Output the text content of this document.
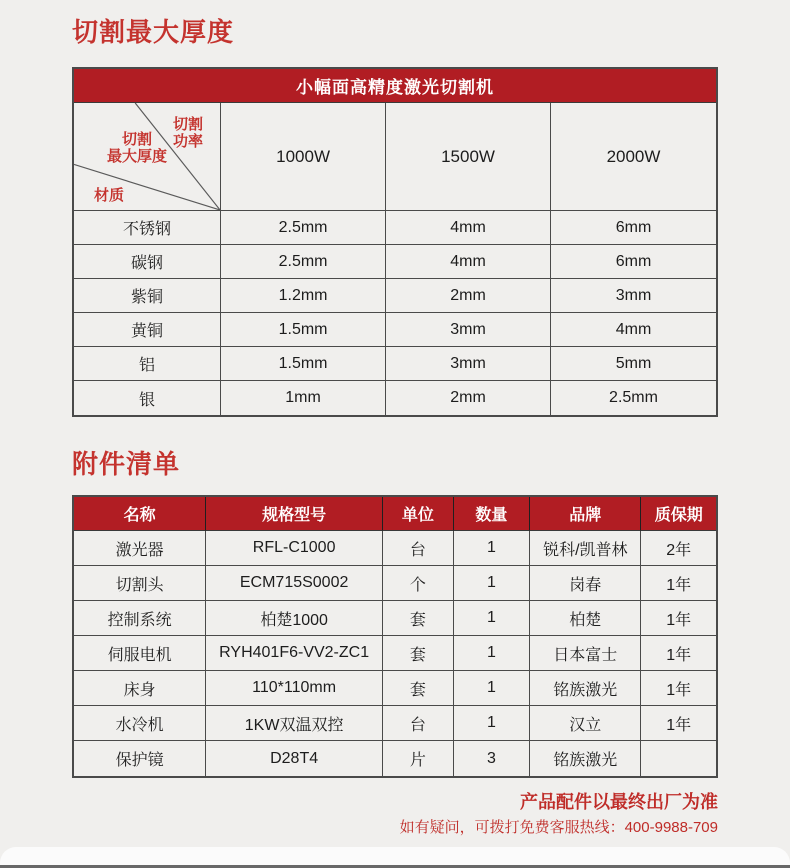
切割最大厚度
小幅面高精度激光切割机
切割
功率
切割
最大厚度
材质
1000W	1500W	2000W
不锈钢	2.5mm	4mm	6mm
碳钢	2.5mm	4mm	6mm
紫铜	1.2mm	2mm	3mm
黄铜	1.5mm	3mm	4mm
铝	1.5mm	3mm	5mm
银	1mm	2mm	2.5mm
附件清单
名称	规格型号	单位	数量	品牌	质保期
激光器	RFL-C1000	台	1	锐科/凯普林	2年
切割头	ECM715S0002	个	1	岗春	1年
控制系统	柏楚1000	套	1	柏楚	1年
伺服电机	RYH401F6-VV2-ZC1	套	1	日本富士	1年
床身	110*110mm	套	1	铭族激光	1年
水冷机	1KW双温双控	台	1	汉立	1年
保护镜	D28T4	片	3	铭族激光
产品配件以最终出厂为准
如有疑问，可拨打免费客服热线：400-9988-709
